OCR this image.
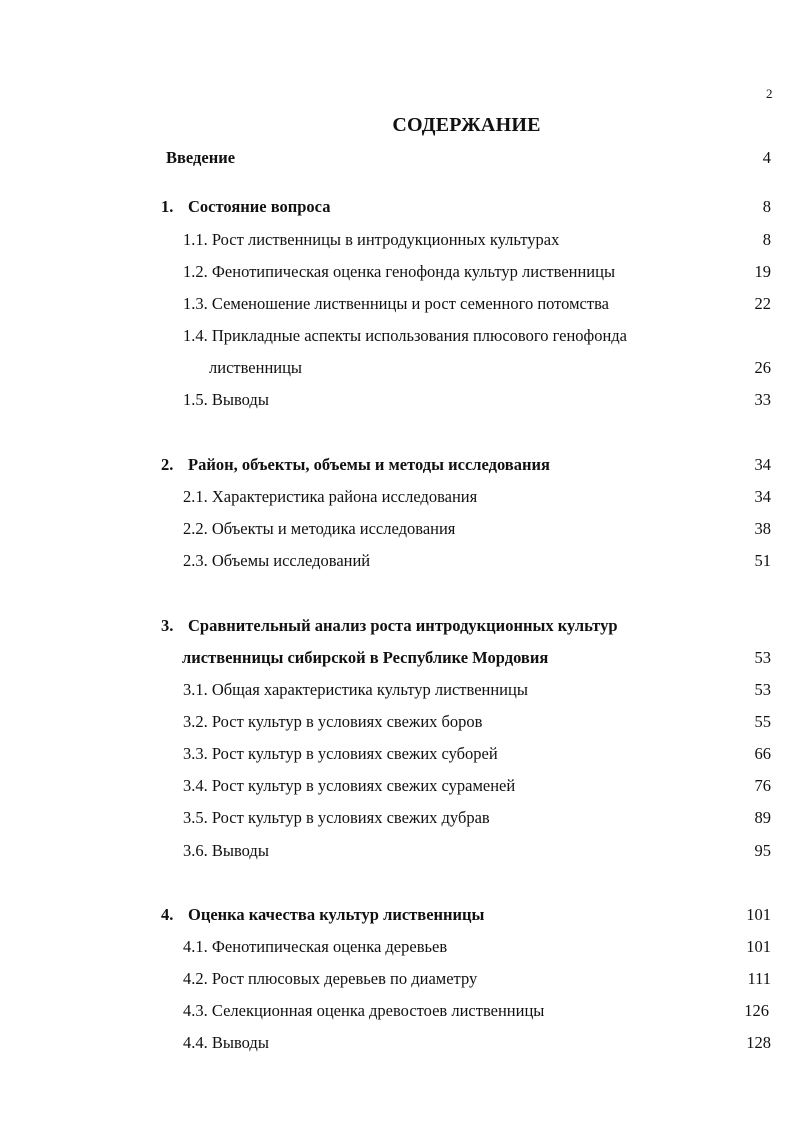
2
СОДЕРЖАНИЕ
Введение	4
1. Состояние вопроса	8
1.1. Рост лиственницы в интродукционных культурах	8
1.2. Фенотипическая оценка генофонда культур лиственницы	19
1.3. Семеношение лиственницы и рост семенного потомства	22
1.4. Прикладные аспекты использования плюсового генофонда
лиственницы	26
1.5. Выводы	33
2. Район, объекты, объемы и методы исследования	34
2.1. Характеристика района исследования	34
2.2. Объекты и методика исследования	38
2.3. Объемы исследований	51
3. Сравнительный анализ роста интродукционных культур
лиственницы сибирской в Республике Мордовия	53
3.1. Общая характеристика культур лиственницы	53
3.2. Рост культур в условиях свежих боров	55
3.3. Рост культур в условиях свежих суборей	66
3.4. Рост культур в условиях свежих сураменей	76
3.5. Рост культур в условиях свежих дубрав	89
3.6. Выводы	95
4. Оценка качества культур лиственницы	101
4.1. Фенотипическая оценка деревьев	101
4.2. Рост плюсовых деревьев по диаметру	111
4.3. Селекционная оценка древостоев лиственницы	126
4.4. Выводы	128
